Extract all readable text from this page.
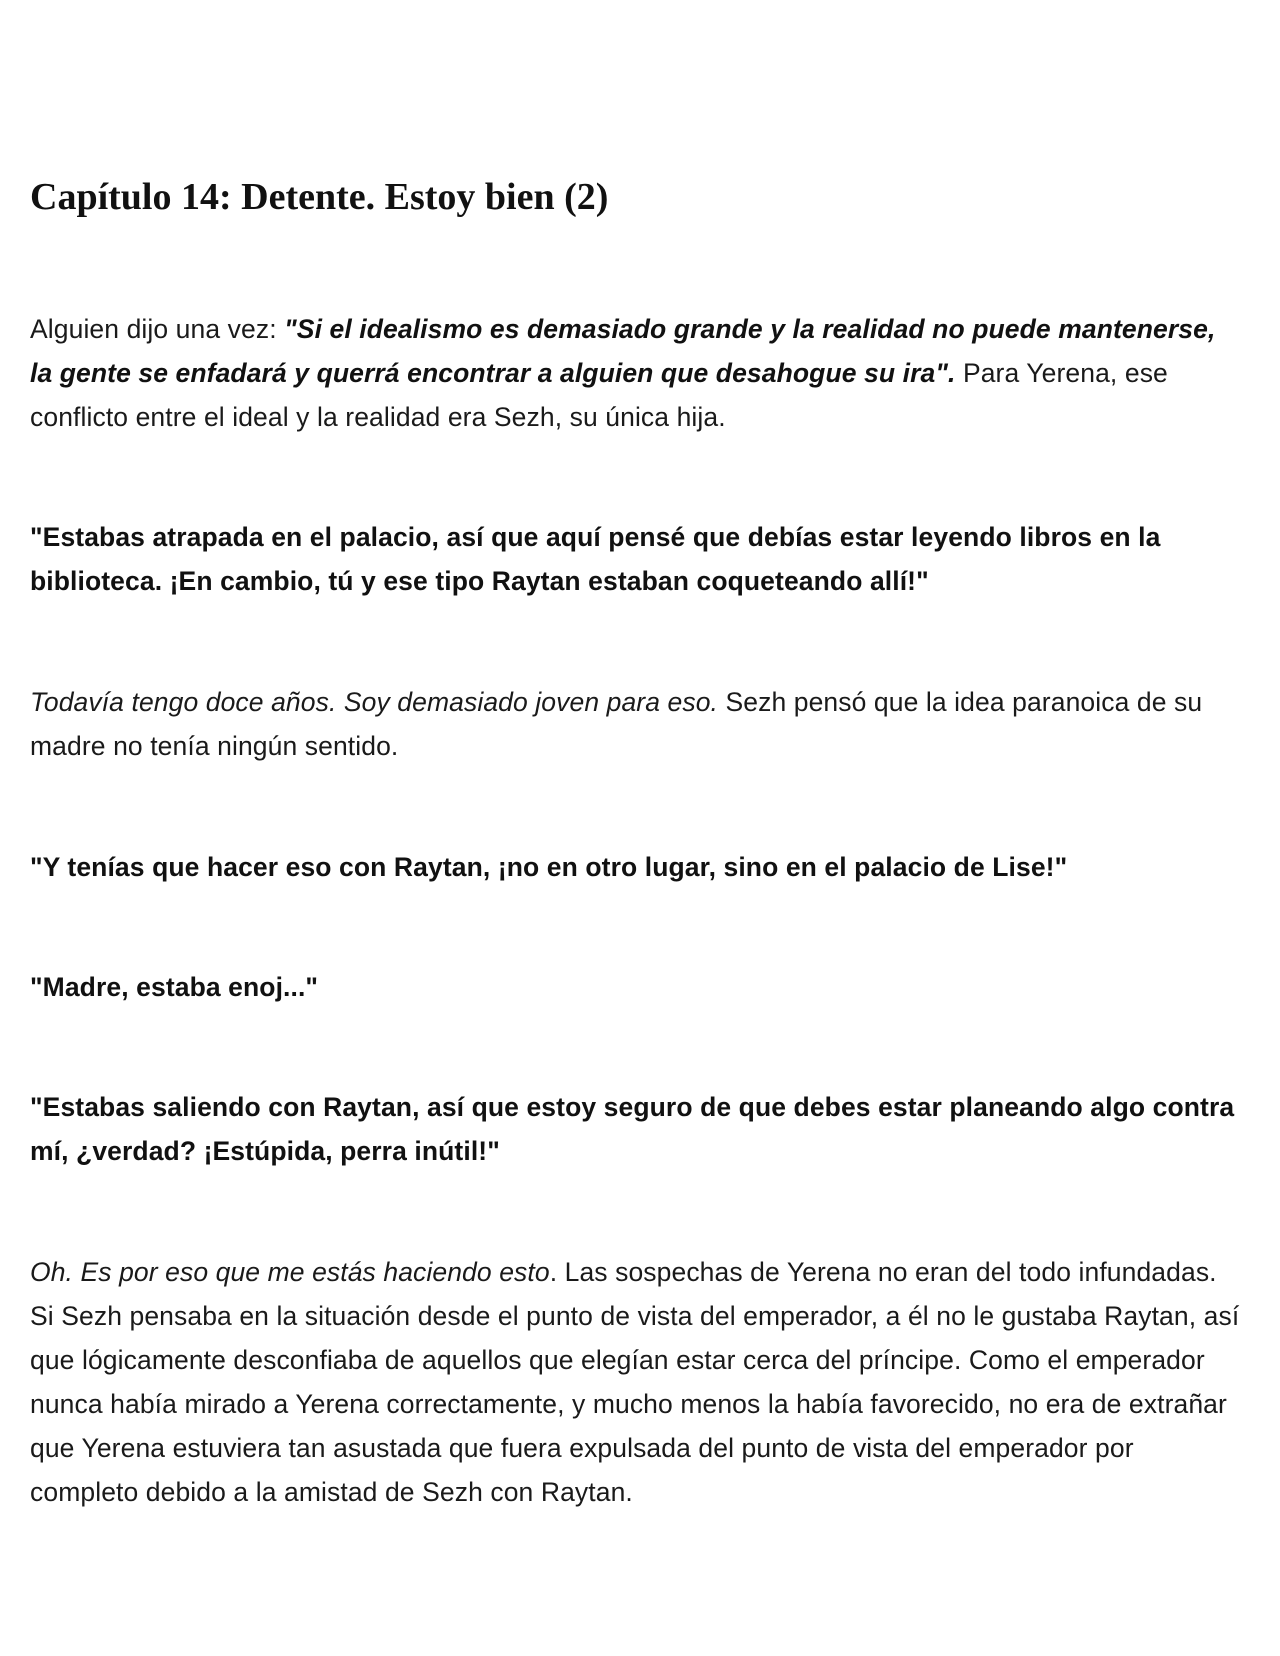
Capítulo 14: Detente. Estoy bien (2)

Alguien dijo una vez: "Si el idealismo es demasiado grande y la realidad no puede mantenerse, la gente se enfadará y querrá encontrar a alguien que desahogue su ira". Para Yerena, ese conflicto entre el ideal y la realidad era Sezh, su única hija.

"Estabas atrapada en el palacio, así que aquí pensé que debías estar leyendo libros en la biblioteca. ¡En cambio, tú y ese tipo Raytan estaban coqueteando allí!"

Todavía tengo doce años. Soy demasiado joven para eso. Sezh pensó que la idea paranoica de su madre no tenía ningún sentido.

"Y tenías que hacer eso con Raytan, ¡no en otro lugar, sino en el palacio de Lise!"

"Madre, estaba enoj..."

"Estabas saliendo con Raytan, así que estoy seguro de que debes estar planeando algo contra mí, ¿verdad? ¡Estúpida, perra inútil!"

Oh. Es por eso que me estás haciendo esto. Las sospechas de Yerena no eran del todo infundadas. Si Sezh pensaba en la situación desde el punto de vista del emperador, a él no le gustaba Raytan, así que lógicamente desconfiaba de aquellos que elegían estar cerca del príncipe. Como el emperador nunca había mirado a Yerena correctamente, y mucho menos la había favorecido, no era de extrañar que Yerena estuviera tan asustada que fuera expulsada del punto de vista del emperador por completo debido a la amistad de Sezh con Raytan.
